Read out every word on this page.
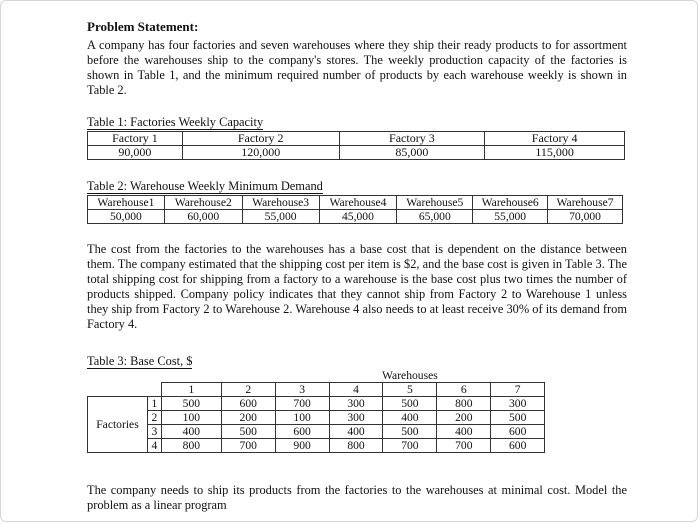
Problem Statement:
A company has four factories and seven warehouses where they ship their ready products to for assortment before the warehouses ship to the company's stores. The weekly production capacity of the factories is shown in Table 1, and the minimum required number of products by each warehouse weekly is shown in Table 2.
Table 1: Factories Weekly Capacity
Factory 1	Factory 2	Factory 3	Factory 4
90,000	120,000	85,000	115,000
Table 2: Warehouse Weekly Minimum Demand
Warehouse1	Warehouse2	Warehouse3	Warehouse4	Warehouse5	Warehouse6	Warehouse7
50,000	60,000	55,000	45,000	65,000	55,000	70,000
The cost from the factories to the warehouses has a base cost that is dependent on the distance between them. The company estimated that the shipping cost per item is $2, and the base cost is given in Table 3. The total shipping cost for shipping from a factory to a warehouse is the base cost plus two times the number of products shipped. Company policy indicates that they cannot ship from Factory 2 to Warehouse 1 unless they ship from Factory 2 to Warehouse 2. Warehouse 4 also needs to at least receive 30% of its demand from Factory 4.
Table 3: Base Cost, $
					Warehouses				
		1	2	3	4	5	6	7	
Factories	1	500	600	700	300	500	800	300	
	2	100	200	100	300	400	200	500	
	3	400	500	600	400	500	400	600	
	4	800	700	900	800	700	700	600	
The company needs to ship its products from the factories to the warehouses at minimal cost. Model the problem as a linear program
